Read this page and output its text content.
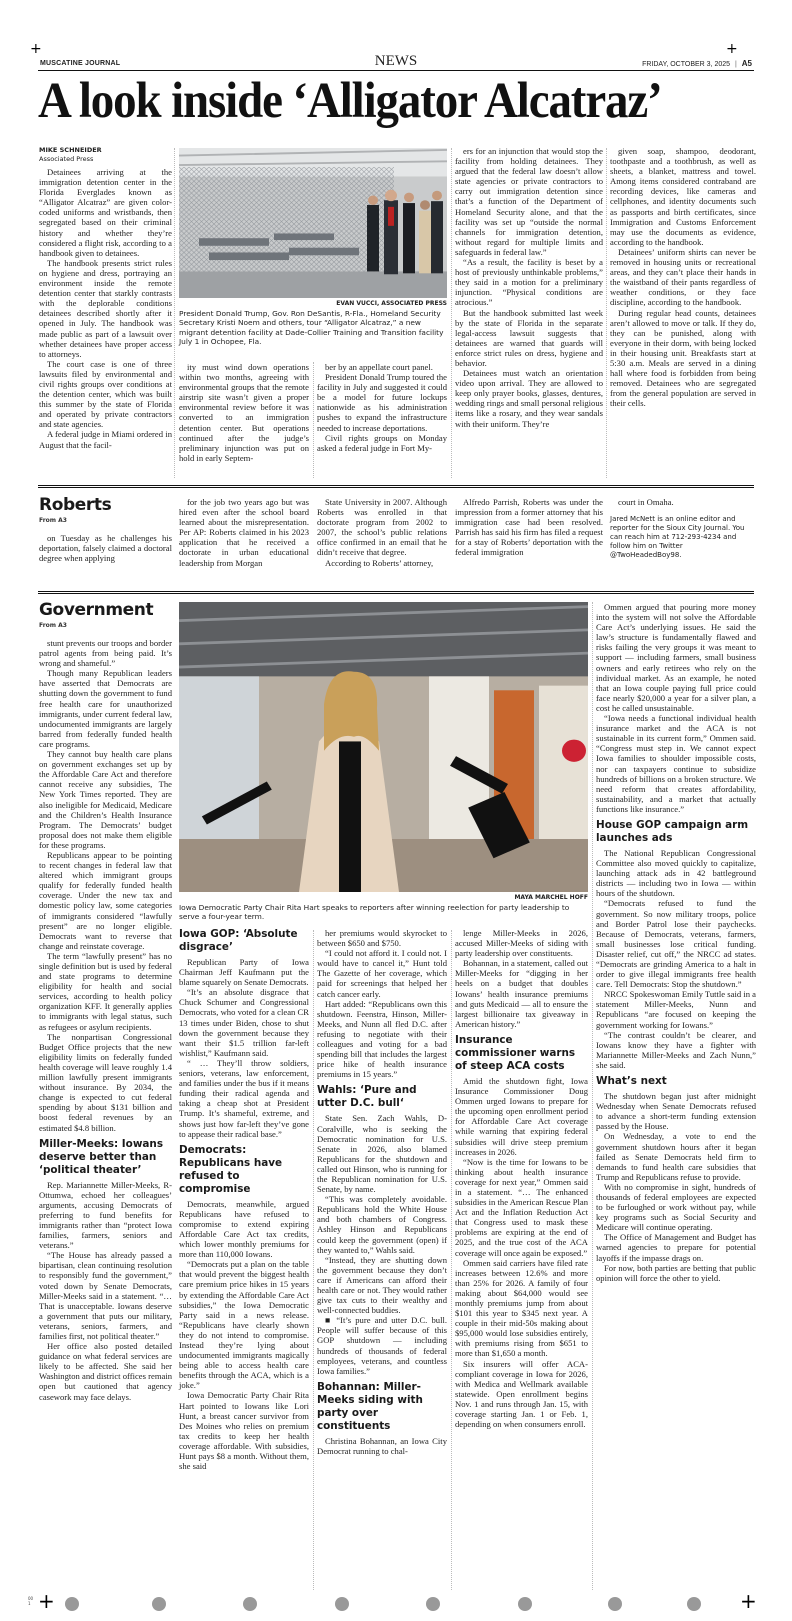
+	+
+	+
00
1
MUSCATINE JOURNAL	NEWS	FRIDAY, OCTOBER 3, 2025 | A5
A look inside ‘Alligator Alcatraz’
MIKE SCHNEIDER
Associated Press

Detainees arriving at the immigration detention center in the Florida Everglades known as “Alligator Alcatraz” are given color-coded uniforms and wristbands, then segregated based on their criminal history and whether they’re considered a flight risk, according to a handbook given to detainees.

The handbook presents strict rules on hygiene and dress, portraying an environment inside the remote detention center that starkly contrasts with the deplorable conditions detainees described shortly after it opened in July. The handbook was made public as part of a lawsuit over whether detainees have proper access to attorneys.

The court case is one of three lawsuits filed by environmental and civil rights groups over conditions at the detention center, which was built this summer by the state of Florida and operated by private contractors and state agencies.

A federal judge in Miami ordered in August that the facil-

EVAN VUCCI, ASSOCIATED PRESS
President Donald Trump, Gov. Ron DeSantis, R-Fla., Homeland Security Secretary Kristi Noem and others, tour “Alligator Alcatraz,” a new migrant detention facility at Dade-Collier Training and Transition facility July 1 in Ochopee, Fla.

ity must wind down operations within two months, agreeing with environmental groups that the remote airstrip site wasn’t given a proper environmental review before it was converted to an immigration detention center. But operations continued after the judge’s preliminary injunction was put on hold in early Septem-

ber by an appellate court panel.

President Donald Trump toured the facility in July and suggested it could be a model for future lockups nationwide as his administration pushes to expand the infrastructure needed to increase deportations.

Civil rights groups on Monday asked a federal judge in Fort My-

ers for an injunction that would stop the facility from holding detainees. They argued that the federal law doesn’t allow state agencies or private contractors to carry out immigration detention since that’s a function of the Department of Homeland Security alone, and that the facility was set up “outside the normal channels for immigration detention, without regard for multiple limits and safeguards in federal law.”

“As a result, the facility is beset by a host of previously unthinkable problems,” they said in a motion for a preliminary injunction. “Physical conditions are atrocious.”

But the handbook submitted last week by the state of Florida in the separate legal-access lawsuit suggests that detainees are warned that guards will enforce strict rules on dress, hygiene and behavior.

Detainees must watch an orientation video upon arrival. They are allowed to keep only prayer books, glasses, dentures, wedding rings and small personal religious items like a rosary, and they wear sandals with their uniform. They’re

given soap, shampoo, deodorant, toothpaste and a toothbrush, as well as sheets, a blanket, mattress and towel. Among items considered contraband are recording devices, like cameras and cellphones, and identity documents such as passports and birth certificates, since Immigration and Customs Enforcement may use the documents as evidence, according to the handbook.

Detainees’ uniform shirts can never be removed in housing units or recreational areas, and they can’t place their hands in the waistband of their pants regardless of weather conditions, or they face discipline, according to the handbook.

During regular head counts, detainees aren’t allowed to move or talk. If they do, they can be punished, along with everyone in their dorm, with being locked in their housing unit. Breakfasts start at 5:30 a.m. Meals are served in a dining hall where food is forbidden from being removed. Detainees who are segregated from the general population are served in their cells.

Roberts
From A3

on Tuesday as he challenges his deportation, falsely claimed a doctoral degree when applying

for the job two years ago but was hired even after the school board learned about the misrepresentation. Per AP: Roberts claimed in his 2023 application that he received a doctorate in urban educational leadership from Morgan

State University in 2007. Although Roberts was enrolled in that doctorate program from 2002 to 2007, the school’s public relations office confirmed in an email that he didn’t receive that degree.

According to Roberts’ attorney,

Alfredo Parrish, Roberts was under the impression from a former attorney that his immigration case had been resolved. Parrish has said his firm has filed a request for a stay of Roberts’ deportation with the federal immigration

court in Omaha.

Jared McNett is an online editor and reporter for the Sioux City Journal. You can reach him at 712-293-4234 and follow him on Twitter @TwoHeadedBoy98.

Government
From A3

stunt prevents our troops and border patrol agents from being paid. It’s wrong and shameful.”

Though many Republican leaders have asserted that Democrats are shutting down the government to fund free health care for unauthorized immigrants, under current federal law, undocumented immigrants are largely barred from federally funded health care programs.

They cannot buy health care plans on government exchanges set up by the Affordable Care Act and therefore cannot receive any subsidies, The New York Times reported. They are also ineligible for Medicaid, Medicare and the Children’s Health Insurance Program. The Democrats’ budget proposal does not make them eligible for these programs.

Republicans appear to be pointing to recent changes in federal law that altered which immigrant groups qualify for federally funded health coverage. Under the new tax and domestic policy law, some categories of immigrants considered “lawfully present” are no longer eligible. Democrats want to reverse that change and reinstate coverage.

The term “lawfully present” has no single definition but is used by federal and state programs to determine eligibility for health and social services, according to health policy organization KFF. It generally applies to immigrants with legal status, such as refugees or asylum recipients.

The nonpartisan Congressional Budget Office projects that the new eligibility limits on federally funded health coverage will leave roughly 1.4 million lawfully present immigrants without insurance. By 2034, the change is expected to cut federal spending by about $131 billion and boost federal revenues by an estimated $4.8 billion.

Miller-Meeks: Iowans deserve better than ‘political theater’

Rep. Mariannette Miller-Meeks, R-Ottumwa, echoed her colleagues’ arguments, accusing Democrats of preferring to fund benefits for immigrants rather than “protect Iowa families, farmers, seniors and veterans.”

“The House has already passed a bipartisan, clean continuing resolution to responsibly fund the government,” voted down by Senate Democrats, Miller-Meeks said in a statement. “… That is unacceptable. Iowans deserve a government that puts our military, veterans, seniors, farmers, and families first, not political theater.”

Her office also posted detailed guidance on what federal services are likely to be affected. She said her Washington and district offices remain open but cautioned that agency casework may face delays.

MAYA MARCHEL HOFF
Iowa Democratic Party Chair Rita Hart speaks to reporters after winning reelection for party leadership to serve a four-year term.

Iowa GOP: ‘Absolute disgrace’

Republican Party of Iowa Chairman Jeff Kaufmann put the blame squarely on Senate Democrats.

“It’s an absolute disgrace that Chuck Schumer and Congressional Democrats, who voted for a clean CR 13 times under Biden, chose to shut down the government because they want their $1.5 trillion far-left wishlist,” Kaufmann said.

“ … They’ll throw soldiers, seniors, veterans, law enforcement, and families under the bus if it means funding their radical agenda and taking a cheap shot at President Trump. It’s shameful, extreme, and shows just how far-left they’ve gone to appease their radical base.”

Democrats: Republicans have refused to compromise

Democrats, meanwhile, argued Republicans have refused to compromise to extend expiring Affordable Care Act tax credits, which lower monthly premiums for more than 110,000 Iowans.

“Democrats put a plan on the table that would prevent the biggest health care premium price hikes in 15 years by extending the Affordable Care Act subsidies,” the Iowa Democratic Party said in a news release. “Republicans have clearly shown they do not intend to compromise. Instead they’re lying about undocumented immigrants magically being able to access health care benefits through the ACA, which is a joke.”

Iowa Democratic Party Chair Rita Hart pointed to Iowans like Lori Hunt, a breast cancer survivor from Des Moines who relies on premium tax credits to keep her health coverage affordable. With subsidies, Hunt pays $8 a month. Without them, she said

her premiums would skyrocket to between $650 and $750.

“I could not afford it. I could not. I would have to cancel it,” Hunt told The Gazette of her coverage, which paid for screenings that helped her catch cancer early.

Hart added: “Republicans own this shutdown. Feenstra, Hinson, Miller-Meeks, and Nunn all fled D.C. after refusing to negotiate with their colleagues and voting for a bad spending bill that includes the largest price hike of health insurance premiums in 15 years.”

Wahls: ‘Pure and utter D.C. bull‘

State Sen. Zach Wahls, D-Coralville, who is seeking the Democratic nomination for U.S. Senate in 2026, also blamed Republicans for the shutdown and called out Hinson, who is running for the Republican nomination for U.S. Senate, by name.

“This was completely avoidable. Republicans hold the White House and both chambers of Congress. Ashley Hinson and Republicans could keep the government (open) if they wanted to,” Wahls said.

“Instead, they are shutting down the government because they don’t care if Americans can afford their health care or not. They would rather give tax cuts to their wealthy and well-connected buddies.

■ “It’s pure and utter D.C. bull. People will suffer because of this GOP shutdown — including hundreds of thousands of federal employees, veterans, and countless Iowa families.”

Bohannan: Miller-Meeks siding with party over constituents

Christina Bohannan, an Iowa City Democrat running to chal-

lenge Miller-Meeks in 2026, accused Miller-Meeks of siding with party leadership over constituents.

Bohannan, in a statement, called out Miller-Meeks for “digging in her heels on a budget that doubles Iowans’ health insurance premiums and guts Medicaid — all to ensure the largest billionaire tax giveaway in American history.”

Insurance commissioner warns of steep ACA costs

Amid the shutdown fight, Iowa Insurance Commissioner Doug Ommen urged Iowans to prepare for the upcoming open enrollment period for Affordable Care Act coverage while warning that expiring federal subsidies will drive steep premium increases in 2026.

“Now is the time for Iowans to be thinking about health insurance coverage for next year,” Ommen said in a statement. “… The enhanced subsidies in the American Rescue Plan Act and the Inflation Reduction Act that Congress used to mask these problems are expiring at the end of 2025, and the true cost of the ACA coverage will once again be exposed.”

Ommen said carriers have filed rate increases between 12.6% and more than 25% for 2026. A family of four making about $64,000 would see monthly premiums jump from about $101 this year to $345 next year. A couple in their mid-50s making about $95,000 would lose subsidies entirely, with premiums rising from $651 to more than $1,650 a month.

Six insurers will offer ACA-compliant coverage in Iowa for 2026, with Medica and Wellmark available statewide. Open enrollment begins Nov. 1 and runs through Jan. 15, with coverage starting Jan. 1 or Feb. 1, depending on when consumers enroll.

Ommen argued that pouring more money into the system will not solve the Affordable Care Act’s underlying issues. He said the law’s structure is fundamentally flawed and risks failing the very groups it was meant to support — including farmers, small business owners and early retirees who rely on the individual market. As an example, he noted that an Iowa couple paying full price could face nearly $20,000 a year for a silver plan, a cost he called unsustainable.

“Iowa needs a functional individual health insurance market and the ACA is not sustainable in its current form,” Ommen said. “Congress must step in. We cannot expect Iowa families to shoulder impossible costs, nor can taxpayers continue to subsidize hundreds of billions on a broken structure. We need reform that creates affordability, sustainability, and a market that actually functions like insurance.”

House GOP campaign arm launches ads

The National Republican Congressional Committee also moved quickly to capitalize, launching attack ads in 42 battleground districts — including two in Iowa — within hours of the shutdown.

“Democrats refused to fund the government. So now military troops, police and Border Patrol lose their paychecks. Because of Democrats, veterans, farmers, small businesses lose critical funding. Disaster relief, cut off,” the NRCC ad states. “Democrats are grinding America to a halt in order to give illegal immigrants free health care. Tell Democrats: Stop the shutdown.”

NRCC Spokeswoman Emily Tuttle said in a statement Miller-Meeks, Nunn and Republicans “are focused on keeping the government working for Iowans.”

“The contrast couldn’t be clearer, and Iowans know they have a fighter with Mariannette Miller-Meeks and Zach Nunn,” she said.

What’s next

The shutdown began just after midnight Wednesday when Senate Democrats refused to advance a short-term funding extension passed by the House.

On Wednesday, a vote to end the government shutdown hours after it began failed as Senate Democrats held firm to demands to fund health care subsidies that Trump and Republicans refuse to provide.

With no compromise in sight, hundreds of thousands of federal employees are expected to be furloughed or work without pay, while key programs such as Social Security and Medicare will continue operating.

The Office of Management and Budget has warned agencies to prepare for potential layoffs if the impasse drags on.

For now, both parties are betting that public opinion will force the other to yield.
